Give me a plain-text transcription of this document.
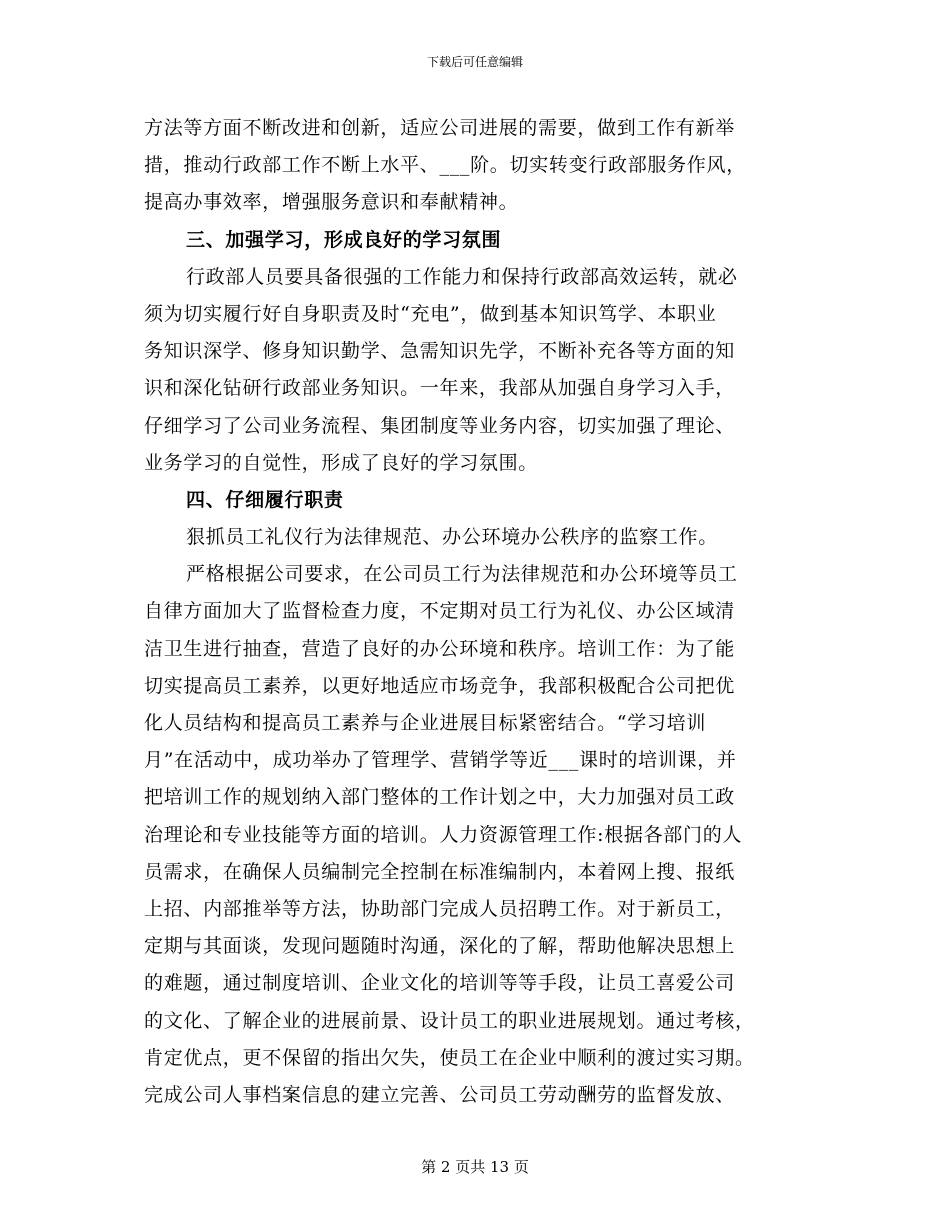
下载后可任意编辑
方法等方面不断改进和创新，适应公司进展的需要，做到工作有新举
措，推动行政部工作不断上水平、___阶。切实转变行政部服务作风，
提高办事效率，增强服务意识和奉献精神。
三、加强学习，形成良好的学习氛围
行政部人员要具备很强的工作能力和保持行政部高效运转，就必
须为切实履行好自身职责及时“充电”，做到基本知识笃学、本职业
务知识深学、修身知识勤学、急需知识先学，不断补充各等方面的知
识和深化钻研行政部业务知识。一年来，我部从加强自身学习入手，
仔细学习了公司业务流程、集团制度等业务内容，切实加强了理论、
业务学习的自觉性，形成了良好的学习氛围。
四、仔细履行职责
狠抓员工礼仪行为法律规范、办公环境办公秩序的监察工作。
严格根据公司要求，在公司员工行为法律规范和办公环境等员工
自律方面加大了监督检查力度，不定期对员工行为礼仪、办公区域清
洁卫生进行抽查，营造了良好的办公环境和秩序。培训工作：为了能
切实提高员工素养，以更好地适应市场竞争，我部积极配合公司把优
化人员结构和提高员工素养与企业进展目标紧密结合。“学习培训
月”在活动中，成功举办了管理学、营销学等近___课时的培训课，并
把培训工作的规划纳入部门整体的工作计划之中，大力加强对员工政
治理论和专业技能等方面的培训。人力资源管理工作:根据各部门的人
员需求，在确保人员编制完全控制在标准编制内，本着网上搜、报纸
上招、内部推举等方法，协助部门完成人员招聘工作。对于新员工，
定期与其面谈，发现问题随时沟通，深化的了解，帮助他解决思想上
的难题，通过制度培训、企业文化的培训等等手段，让员工喜爱公司
的文化、了解企业的进展前景、设计员工的职业进展规划。通过考核，
肯定优点，更不保留的指出欠失，使员工在企业中顺利的渡过实习期。
完成公司人事档案信息的建立完善、公司员工劳动酬劳的监督发放、
第 2 页共 13 页
